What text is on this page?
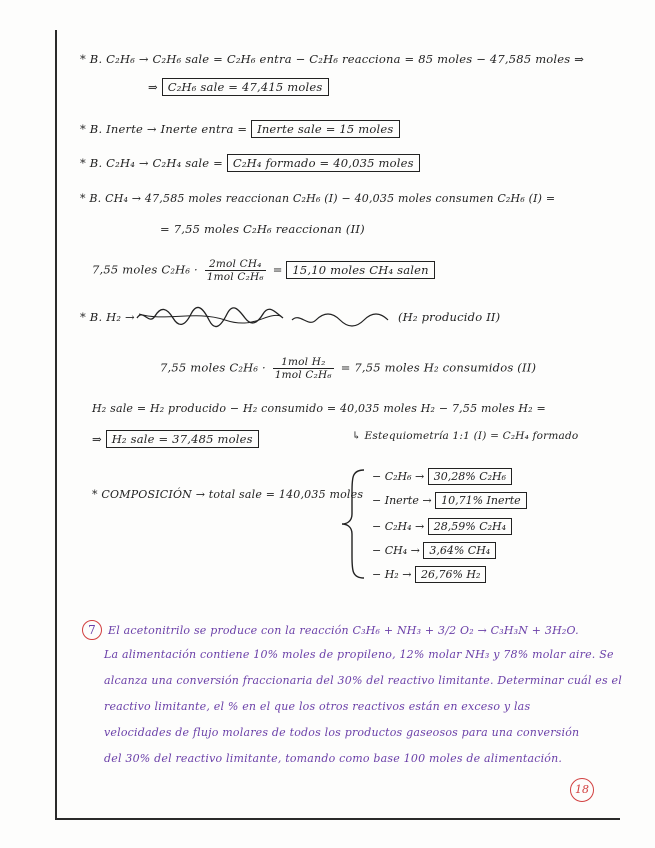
* B. C₂H₆ → C₂H₆ sale = C₂H₆ entra − C₂H₆ reacciona = 85 moles − 47,585 moles ⇒
⇒ C₂H₆ sale = 47,415 moles
* B. Inerte → Inerte entra = Inerte sale = 15 moles
* B. C₂H₄ → C₂H₄ sale = C₂H₄ formado = 40,035 moles
* B. CH₄ → 47,585 moles reaccionan C₂H₆ (I) − 40,035 moles consumen C₂H₆ (I) =
= 7,55 moles C₂H₆ reaccionan (II)
7,55 moles $C_2H_6 \cdot \frac{\text{2mol CH₄}}{\text{1mol C₂H₆}} = 15,10$ moles CH₄ salen
* B. H₂ →	(H₂ producido II)
7,55 moles $C_2H_6 \cdot \frac{\text{1mol H₂}}{\text{1mol C₂H₆}} = 7,55$ moles H₂ consumidos (II)
H₂ sale = H₂ producido − H₂ consumido = 40,035 moles H₂ − 7,55 moles H₂ =
⇒ H₂ sale = 37,485 moles	↳ Estequiometría 1:1 (I) = C₂H₄ formado
* COMPOSICIÓN → total sale = 140,035 moles
− C₂H₆ → 30,28% C₂H₆
− Inerte → 10,71% Inerte
− C₂H₄ → 28,59% C₂H₄
− CH₄ → 3,64% CH₄
− H₂ → 26,76% H₂
7 El acetonitrilo se produce con la reacción C₃H₆ + NH₃ + 3/2 O₂ → C₃H₃N + 3H₂O.
La alimentación contiene 10% moles de propileno, 12% molar NH₃ y 78% molar aire. Se
alcanza una conversión fraccionaria del 30% del reactivo limitante. Determinar cuál es el
reactivo limitante, el % en el que los otros reactivos están en exceso y las
velocidades de flujo molares de todos los productos gaseosos para una conversión
del 30% del reactivo limitante, tomando como base 100 moles de alimentación.
18
